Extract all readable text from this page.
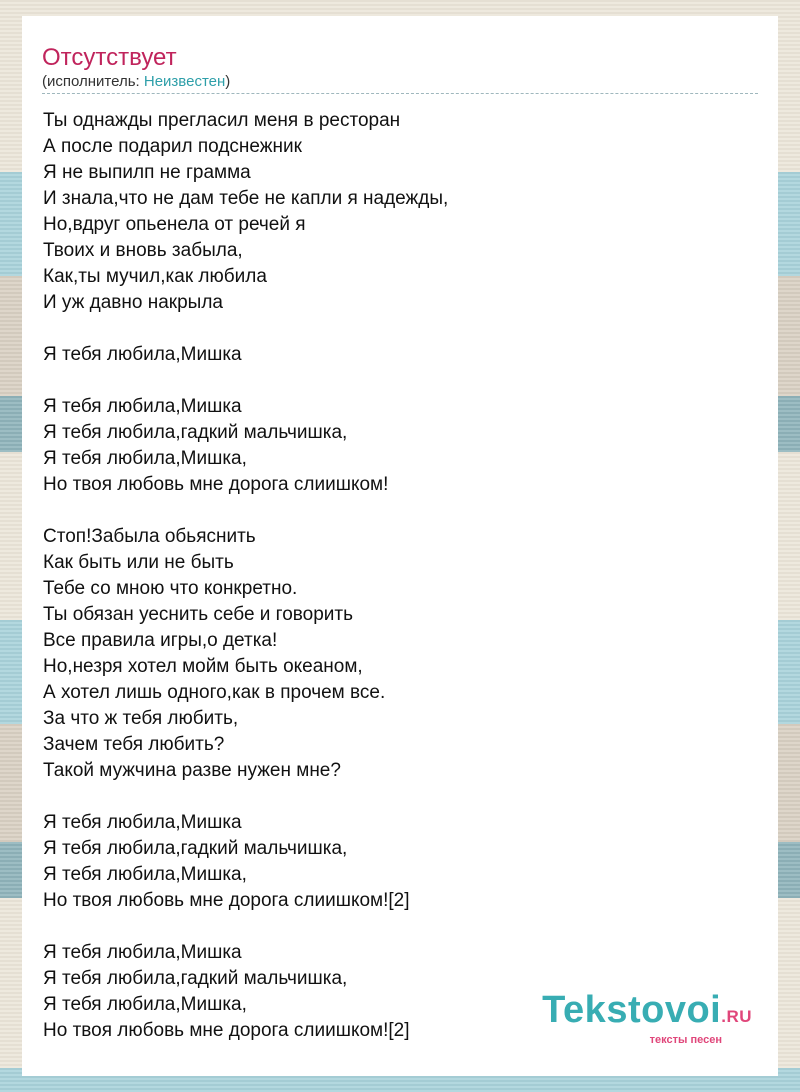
Отсутствует
(исполнитель: Неизвестен)
Ты однажды прегласил меня в ресторан
А после подарил подснежник
Я не выпилп не грамма
И знала,что не дам тебе не капли я надежды,
Но,вдруг опьенела от речей я
Твоих и вновь забыла,
Как,ты мучил,как любила
И уж давно накрыла
Я тебя любила,Мишка
Я тебя любила,Мишка
Я тебя любила,гадкий мальчишка,
Я тебя любила,Мишка,
Но твоя любовь мне дорога слиишком!
Стоп!Забыла обьяснить
Как быть или не быть
Тебе со мною что конкретно.
Ты обязан уеснить себе и говорить
Все правила игры,о детка!
Но,незря хотел мойм быть океаном,
А хотел лишь одного,как в прочем все.
За что ж тебя любить,
Зачем тебя любить?
Такой мужчина разве нужен мне?
Я тебя любила,Мишка
Я тебя любила,гадкий мальчишка,
Я тебя любила,Мишка,
Но твоя любовь мне дорога слиишком![2]
Я тебя любила,Мишка
Я тебя любила,гадкий мальчишка,
Я тебя любила,Мишка,
Но твоя любовь мне дорога слиишком![2]	Tekstovoi.RU
тексты песен
